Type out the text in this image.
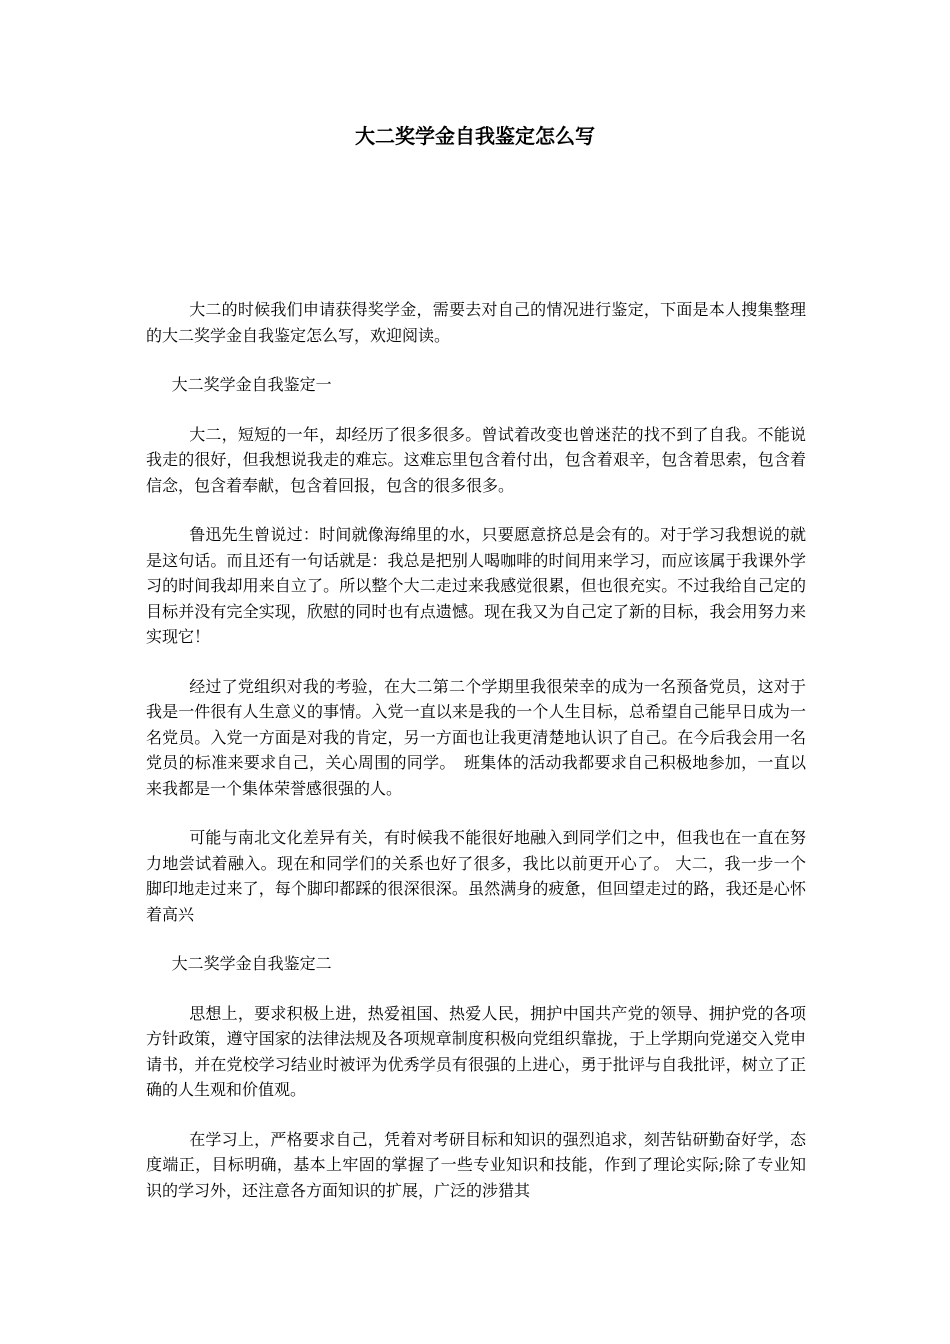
大二奖学金自我鉴定怎么写

大二的时候我们申请获得奖学金，需要去对自己的情况进行鉴定，下面是本人搜集整理的大二奖学金自我鉴定怎么写，欢迎阅读。

大二奖学金自我鉴定一

大二，短短的一年，却经历了很多很多。曾试着改变也曾迷茫的找不到了自我。不能说我走的很好，但我想说我走的难忘。这难忘里包含着付出，包含着艰辛，包含着思索，包含着信念，包含着奉献，包含着回报，包含的很多很多。

鲁迅先生曾说过：时间就像海绵里的水，只要愿意挤总是会有的。对于学习我想说的就是这句话。而且还有一句话就是：我总是把别人喝咖啡的时间用来学习，而应该属于我课外学习的时间我却用来自立了。所以整个大二走过来我感觉很累，但也很充实。不过我给自己定的目标并没有完全实现，欣慰的同时也有点遗憾。现在我又为自己定了新的目标，我会用努力来实现它！

经过了党组织对我的考验，在大二第二个学期里我很荣幸的成为一名预备党员，这对于我是一件很有人生意义的事情。入党一直以来是我的一个人生目标，总希望自己能早日成为一名党员。入党一方面是对我的肯定，另一方面也让我更清楚地认识了自己。在今后我会用一名党员的标准来要求自己，关心周围的同学。　班集体的活动我都要求自己积极地参加，一直以来我都是一个集体荣誉感很强的人。

可能与南北文化差异有关，有时候我不能很好地融入到同学们之中，但我也在一直在努力地尝试着融入。现在和同学们的关系也好了很多，我比以前更开心了。 大二，我一步一个脚印地走过来了，每个脚印都踩的很深很深。虽然满身的疲惫，但回望走过的路，我还是心怀着高兴

大二奖学金自我鉴定二

思想上，要求积极上进，热爱祖国、热爱人民，拥护中国共产党的领导、拥护党的各项方针政策，遵守国家的法律法规及各项规章制度积极向党组织靠拢，于上学期向党递交入党申请书，并在党校学习结业时被评为优秀学员有很强的上进心，勇于批评与自我批评，树立了正确的人生观和价值观。

在学习上，严格要求自己，凭着对考研目标和知识的强烈追求，刻苦钻研勤奋好学，态度端正，目标明确，基本上牢固的掌握了一些专业知识和技能，作到了理论实际;除了专业知识的学习外，还注意各方面知识的扩展，广泛的涉猎其
